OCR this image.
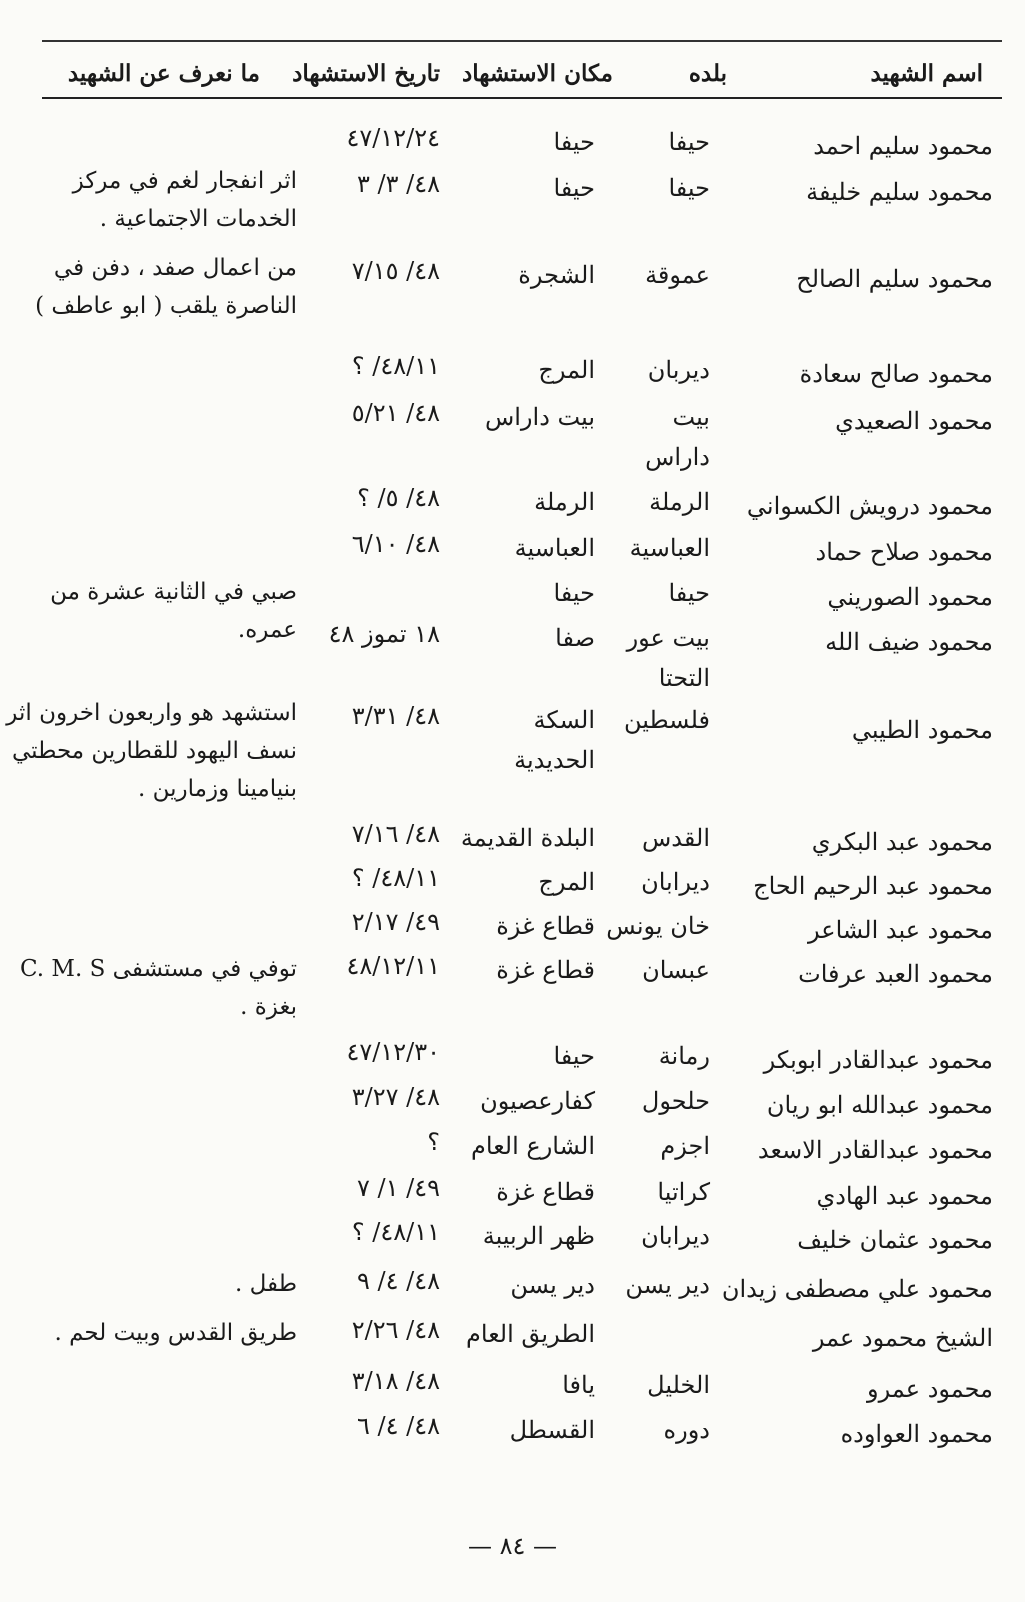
اسم الشهيد
بلده
مكان الاستشهاد
تاريخ الاستشهاد
ما نعرف عن الشهيد
محمود سليم احمد
حيفا
حيفا
٤٧/١٢/٢٤
محمود سليم خليفة
حيفا
حيفا
٤٨/ ٣/ ٣
اثر انفجار لغم في مركز الخدمات الاجتماعية .
محمود سليم الصالح
عموقة
الشجرة
٤٨/ ٧/١٥
من اعمال صفد ، دفن في الناصرة يلقب ( ابو عاطف )
محمود صالح سعادة
ديربان
المرج
٤٨/١١/ ؟
محمود الصعيدي
بيت داراس
بيت داراس
٤٨/ ٥/٢١
محمود درويش الكسواني
الرملة
الرملة
٤٨/ ٥/ ؟
محمود صلاح حماد
العباسية
العباسية
٤٨/ ٦/١٠
محمود الصوريني
حيفا
حيفا
صبي في الثانية عشرة من عمره.	محمود ضيف الله
بيت عور التحتا
صفا
١٨ تموز ٤٨
محمود الطيبي
فلسطين
السكة الحديدية
٤٨/ ٣/٣١
استشهد هو واربعون اخرون اثر نسف اليهود للقطارين محطتي بنيامينا وزمارين .
محمود عبد البكري
القدس
البلدة القديمة
٤٨/ ٧/١٦
محمود عبد الرحيم الحاج
ديرابان
المرج
٤٨/١١/ ؟
محمود عبد الشاعر
خان يونس
قطاع غزة
٤٩/ ٢/١٧
محمود العبد عرفات
عبسان
قطاع غزة
٤٨/١٢/١١
توفي في مستشفى C. M. S بغزة .
محمود عبدالقادر ابوبكر
رمانة
حيفا
٤٧/١٢/٣٠
محمود عبدالله ابو ريان
حلحول
كفارعصيون
٤٨/ ٣/٢٧
محمود عبدالقادر الاسعد
اجزم
الشارع العام
؟
محمود عبد الهادي
كراتيا
قطاع غزة
٤٩/ ١/ ٧
محمود عثمان خليف
ديرابان
ظهر الربيبة
٤٨/١١/ ؟
محمود علي مصطفى زيدان
دير يسن
دير يسن
٤٨/ ٤/ ٩
طفل .
الشيخ محمود عمر
الطريق العام
٤٨/ ٢/٢٦
طريق القدس وبيت لحم .
محمود عمرو
الخليل
يافا
٤٨/ ٣/١٨
محمود العواوده
دوره
القسطل
٤٨/ ٤/ ٦
— ٨٤ —
